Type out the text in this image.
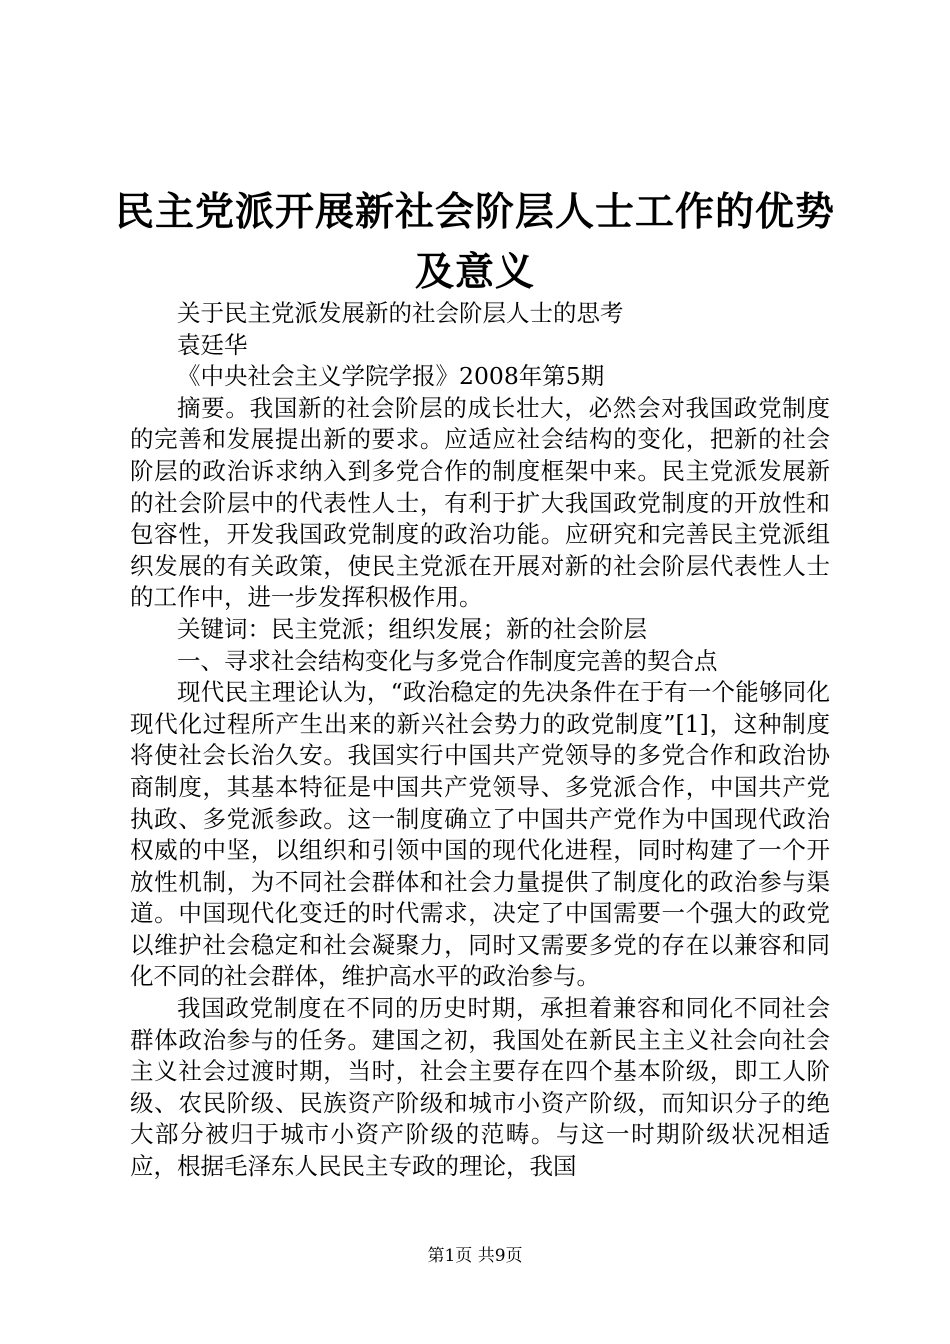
民主党派开展新社会阶层人士工作的优势及意义

关于民主党派发展新的社会阶层人士的思考

袁廷华

《中央社会主义学院学报》2008年第5期

摘要。我国新的社会阶层的成长壮大，必然会对我国政党制度的完善和发展提出新的要求。应适应社会结构的变化，把新的社会阶层的政治诉求纳入到多党合作的制度框架中来。民主党派发展新的社会阶层中的代表性人士，有利于扩大我国政党制度的开放性和包容性，开发我国政党制度的政治功能。应研究和完善民主党派组织发展的有关政策，使民主党派在开展对新的社会阶层代表性人士的工作中，进一步发挥积极作用。

关键词：民主党派；组织发展；新的社会阶层

一、寻求社会结构变化与多党合作制度完善的契合点

现代民主理论认为，“政治稳定的先决条件在于有一个能够同化现代化过程所产生出来的新兴社会势力的政党制度”[1]，这种制度将使社会长治久安。我国实行中国共产党领导的多党合作和政治协商制度，其基本特征是中国共产党领导、多党派合作，中国共产党执政、多党派参政。这一制度确立了中国共产党作为中国现代政治权威的中坚，以组织和引领中国的现代化进程，同时构建了一个开放性机制，为不同社会群体和社会力量提供了制度化的政治参与渠道。中国现代化变迁的时代需求，决定了中国需要一个强大的政党以维护社会稳定和社会凝聚力，同时又需要多党的存在以兼容和同化不同的社会群体，维护高水平的政治参与。

我国政党制度在不同的历史时期，承担着兼容和同化不同社会群体政治参与的任务。建国之初，我国处在新民主主义社会向社会主义社会过渡时期，当时，社会主要存在四个基本阶级，即工人阶级、农民阶级、民族资产阶级和城市小资产阶级，而知识分子的绝大部分被归于城市小资产阶级的范畴。与这一时期阶级状况相适应，根据毛泽东人民民主专政的理论，我国

第1页 共9页
